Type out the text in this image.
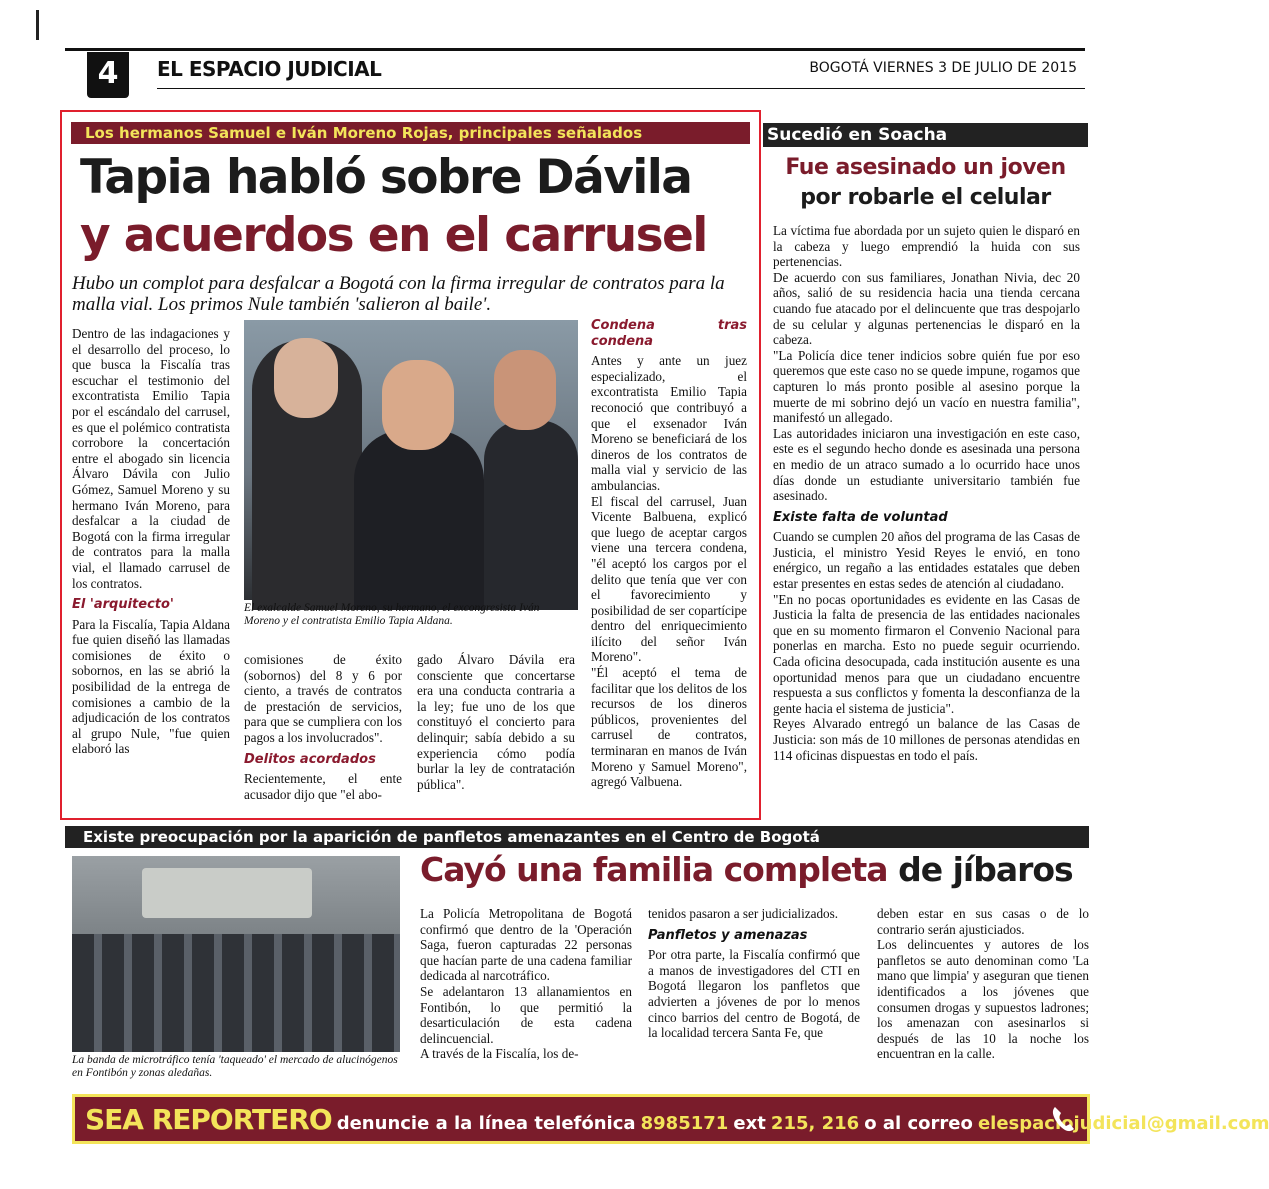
4	EL ESPACIO JUDICIAL	BOGOTÁ VIERNES 3 DE JULIO DE 2015
Los hermanos Samuel e Iván Moreno Rojas, principales señalados
Tapia habló sobre Dávila
y acuerdos en el carrusel
Hubo un complot para desfalcar a Bogotá con la firma irregular de contratos para la malla vial. Los primos Nule también 'salieron al baile'.

Dentro de las indagaciones y el desarrollo del proceso, lo que busca la Fiscalía tras escuchar el testimonio del excontratista Emilio Tapia por el escándalo del carrusel, es que el polémico contratista corrobore la concertación entre el abogado sin licencia Álvaro Dávila con Julio Gómez, Samuel Moreno y su hermano Iván Moreno, para desfalcar a la ciudad de Bogotá con la firma irregular de contratos para la malla vial, el llamado carrusel de los contratos.

El 'arquitecto'

Para la Fiscalía, Tapia Aldana fue quien diseñó las llamadas comisiones de éxito o sobornos, en las se abrió la posibilidad de la entrega de comisiones a cambio de la adjudicación de los contratos al grupo Nule, "fue quien elaboró las

El exalcalde Samuel Moreno, su hermano, el excongresista Iván Moreno y el contratista Emilio Tapia Aldana.

comisiones de éxito (sobornos) del 8 y 6 por ciento, a través de contratos de prestación de servicios, para que se cumpliera con los pagos a los involucrados".

Delitos acordados

Recientemente, el ente acusador dijo que "el abo-

gado Álvaro Dávila era consciente que concertarse era una conducta contraria a la ley; fue uno de los que constituyó el concierto para delinquir; sabía debido a su experiencia cómo podía burlar la ley de contratación pública".

Condena tras condena

Antes y ante un juez especializado, el excontratista Emilio Tapia reconoció que contribuyó a que el exsenador Iván Moreno se beneficiará de los dineros de los contratos de malla vial y servicio de las ambulancias.

El fiscal del carrusel, Juan Vicente Balbuena, explicó que luego de aceptar cargos viene una tercera condena, "él aceptó los cargos por el delito que tenía que ver con el favorecimiento y posibilidad de ser copartícipe dentro del enriquecimiento ilícito del señor Iván Moreno".

"Él aceptó el tema de facilitar que los delitos de los recursos de los dineros públicos, provenientes del carrusel de contratos, terminaran en manos de Iván Moreno y Samuel Moreno", agregó Valbuena.

Sucedió en Soacha
Fue asesinado un joven
por robarle el celular

La víctima fue abordada por un sujeto quien le disparó en la cabeza y luego emprendió la huida con sus pertenencias.

De acuerdo con sus familiares, Jonathan Nivia, dec 20 años, salió de su residencia hacia una tienda cercana cuando fue atacado por el delincuente que tras despojarlo de su celular y algunas pertenencias le disparó en la cabeza.

"La Policía dice tener indicios sobre quién fue por eso queremos que este caso no se quede impune, rogamos que capturen lo más pronto posible al asesino porque la muerte de mi sobrino dejó un vacío en nuestra familia", manifestó un allegado.

Las autoridades iniciaron una investigación en este caso, este es el segundo hecho donde es asesinada una persona en medio de un atraco sumado a lo ocurrido hace unos días donde un estudiante universitario también fue asesinado.

Existe falta de voluntad

Cuando se cumplen 20 años del programa de las Casas de Justicia, el ministro Yesid Reyes le envió, en tono enérgico, un regaño a las entidades estatales que deben estar presentes en estas sedes de atención al ciudadano.

"En no pocas oportunidades es evidente en las Casas de Justicia la falta de presencia de las entidades nacionales que en su momento firmaron el Convenio Nacional para ponerlas en marcha. Esto no puede seguir ocurriendo. Cada oficina desocupada, cada institución ausente es una oportunidad menos para que un ciudadano encuentre respuesta a sus conflictos y fomenta la desconfianza de la gente hacia el sistema de justicia".

Reyes Alvarado entregó un balance de las Casas de Justicia: son más de 10 millones de personas atendidas en 114 oficinas dispuestas en todo el país.

Existe preocupación por la aparición de panfletos amenazantes en el Centro de Bogotá
Cayó una familia completa de jíbaros
La banda de microtráfico tenía 'taqueado' el mercado de alucinógenos en Fontibón y zonas aledañas.

La Policía Metropolitana de Bogotá confirmó que dentro de la 'Operación Saga, fueron capturadas 22 personas que hacían parte de una cadena familiar dedicada al narcotráfico.

Se adelantaron 13 allanamientos en Fontibón, lo que permitió la desarticulación de esta cadena delincuencial.

A través de la Fiscalía, los de-

tenidos pasaron a ser judicializados.

Panfletos y amenazas

Por otra parte, la Fiscalía confirmó que a manos de investigadores del CTI en Bogotá llegaron los panfletos que advierten a jóvenes de por lo menos cinco barrios del centro de Bogotá, de la localidad tercera Santa Fe, que

deben estar en sus casas o de lo contrario serán ajusticiados.

Los delincuentes y autores de los panfletos se auto denominan como 'La mano que limpia' y aseguran que tienen identificados a los jóvenes que consumen drogas y supuestos ladrones; los amenazan con asesinarlos si después de las 10 la noche los encuentran en la calle.

SEA REPORTERO denuncie a la línea telefónica 8985171 ext 215, 216 o al correo elespaciojudicial@gmail.com
